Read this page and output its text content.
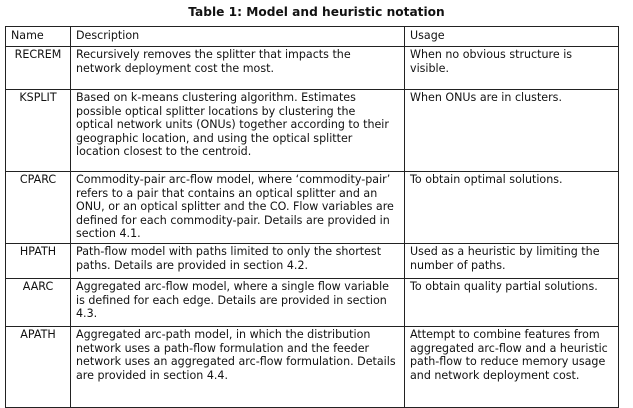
Table 1: Model and heuristic notation
Name	Description	Usage
RECREM	Recursively removes the splitter that impacts the
network deployment cost the most.	When no obvious structure is
visible.
KSPLIT	Based on k-means clustering algorithm. Estimates
possible optical splitter locations by clustering the
optical network units (ONUs) together according to their
geographic location, and using the optical splitter
location closest to the centroid.	When ONUs are in clusters.
CPARC	Commodity-pair arc-flow model, where ‘commodity-pair’
refers to a pair that contains an optical splitter and an
ONU, or an optical splitter and the CO. Flow variables are
defined for each commodity-pair. Details are provided in
section 4.1.	To obtain optimal solutions.
HPATH	Path-flow model with paths limited to only the shortest
paths. Details are provided in section 4.2.	Used as a heuristic by limiting the
number of paths.
AARC	Aggregated arc-flow model, where a single flow variable
is defined for each edge. Details are provided in section
4.3.	To obtain quality partial solutions.
APATH	Aggregated arc-path model, in which the distribution
network uses a path-flow formulation and the feeder
network uses an aggregated arc-flow formulation. Details
are provided in section 4.4.	Attempt to combine features from
aggregated arc-flow and a heuristic
path-flow to reduce memory usage
and network deployment cost.
